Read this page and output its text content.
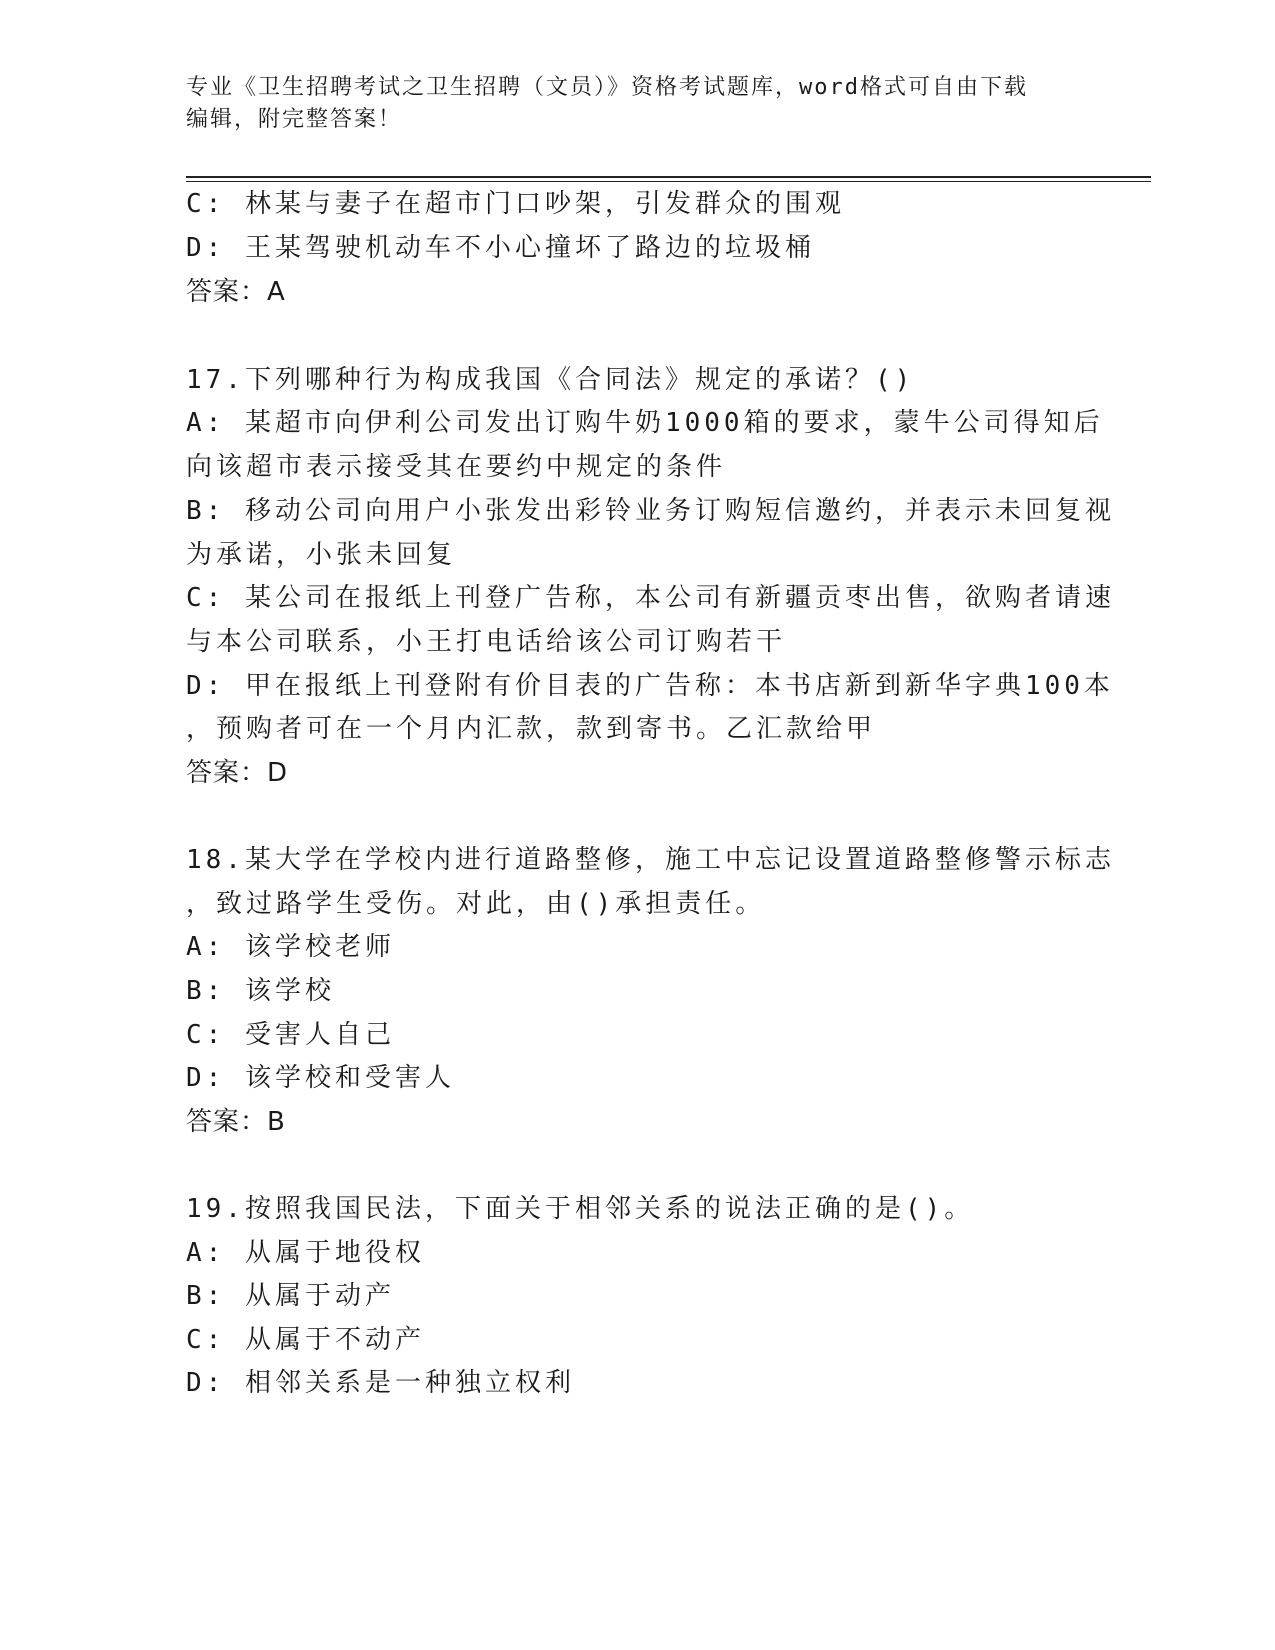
专业《卫生招聘考试之卫生招聘（文员）》资格考试题库，word格式可自由下载
编辑，附完整答案！
C: 林某与妻子在超市门口吵架，引发群众的围观
D: 王某驾驶机动车不小心撞坏了路边的垃圾桶
答案：A
17.下列哪种行为构成我国《合同法》规定的承诺？()
A: 某超市向伊利公司发出订购牛奶1000箱的要求，蒙牛公司得知后
向该超市表示接受其在要约中规定的条件
B: 移动公司向用户小张发出彩铃业务订购短信邀约，并表示未回复视
为承诺，小张未回复
C: 某公司在报纸上刊登广告称，本公司有新疆贡枣出售，欲购者请速
与本公司联系，小王打电话给该公司订购若干
D: 甲在报纸上刊登附有价目表的广告称：本书店新到新华字典100本
，预购者可在一个月内汇款，款到寄书。乙汇款给甲
答案：D
18.某大学在学校内进行道路整修，施工中忘记设置道路整修警示标志
，致过路学生受伤。对此，由()承担责任。
A: 该学校老师
B: 该学校
C: 受害人自己
D: 该学校和受害人
答案：B
19.按照我国民法，下面关于相邻关系的说法正确的是()。
A: 从属于地役权
B: 从属于动产
C: 从属于不动产
D: 相邻关系是一种独立权利
